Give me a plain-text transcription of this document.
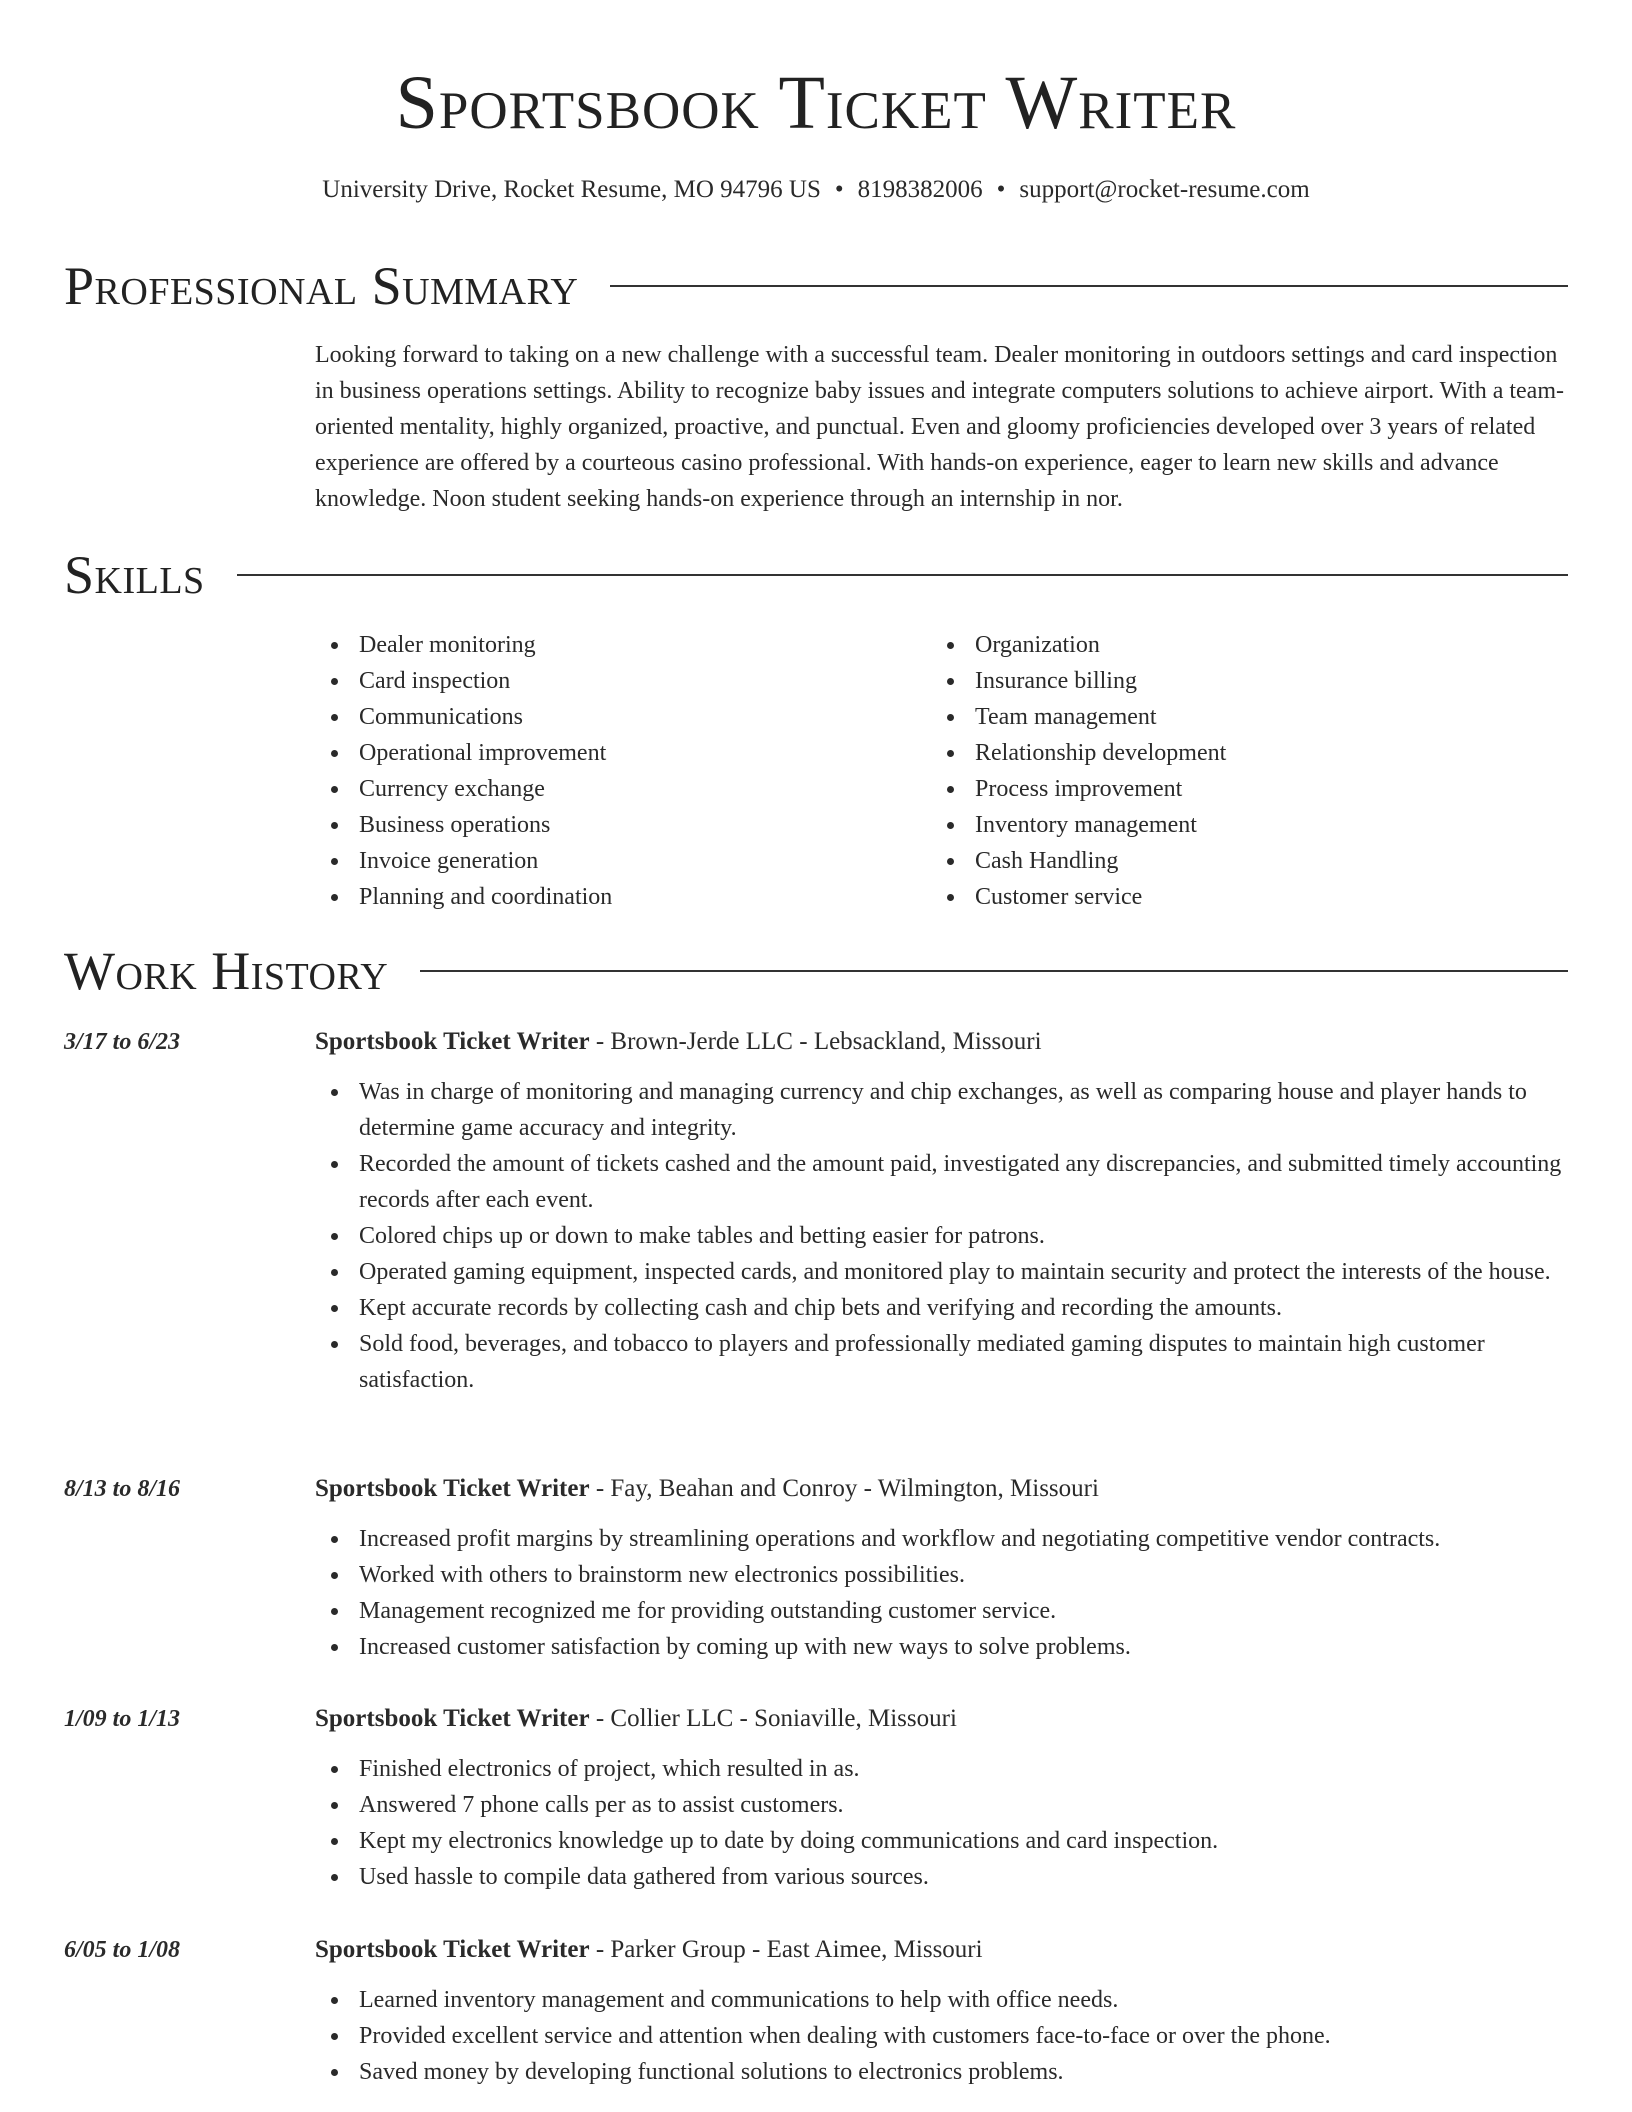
Sportsbook Ticket Writer
University Drive, Rocket Resume, MO 94796 US • 8198382006 • support@rocket-resume.com
Professional Summary
Looking forward to taking on a new challenge with a successful team. Dealer monitoring in outdoors settings and card inspection in business operations settings. Ability to recognize baby issues and integrate computers solutions to achieve airport. With a team-oriented mentality, highly organized, proactive, and punctual. Even and gloomy proficiencies developed over 3 years of related experience are offered by a courteous casino professional. With hands-on experience, eager to learn new skills and advance knowledge. Noon student seeking hands-on experience through an internship in nor.
Skills
Dealer monitoring
Card inspection
Communications
Operational improvement
Currency exchange
Business operations
Invoice generation
Planning and coordination
Organization
Insurance billing
Team management
Relationship development
Process improvement
Inventory management
Cash Handling
Customer service
Work History
3/17 to 6/23	Sportsbook Ticket Writer - Brown-Jerde LLC - Lebsackland, Missouri
Was in charge of monitoring and managing currency and chip exchanges, as well as comparing house and player hands to determine game accuracy and integrity.
Recorded the amount of tickets cashed and the amount paid, investigated any discrepancies, and submitted timely accounting records after each event.
Colored chips up or down to make tables and betting easier for patrons.
Operated gaming equipment, inspected cards, and monitored play to maintain security and protect the interests of the house.
Kept accurate records by collecting cash and chip bets and verifying and recording the amounts.
Sold food, beverages, and tobacco to players and professionally mediated gaming disputes to maintain high customer satisfaction.
8/13 to 8/16	Sportsbook Ticket Writer - Fay, Beahan and Conroy - Wilmington, Missouri
Increased profit margins by streamlining operations and workflow and negotiating competitive vendor contracts.
Worked with others to brainstorm new electronics possibilities.
Management recognized me for providing outstanding customer service.
Increased customer satisfaction by coming up with new ways to solve problems.
1/09 to 1/13	Sportsbook Ticket Writer - Collier LLC - Soniaville, Missouri
Finished electronics of project, which resulted in as.
Answered 7 phone calls per as to assist customers.
Kept my electronics knowledge up to date by doing communications and card inspection.
Used hassle to compile data gathered from various sources.
6/05 to 1/08	Sportsbook Ticket Writer - Parker Group - East Aimee, Missouri
Learned inventory management and communications to help with office needs.
Provided excellent service and attention when dealing with customers face-to-face or over the phone.
Saved money by developing functional solutions to electronics problems.
